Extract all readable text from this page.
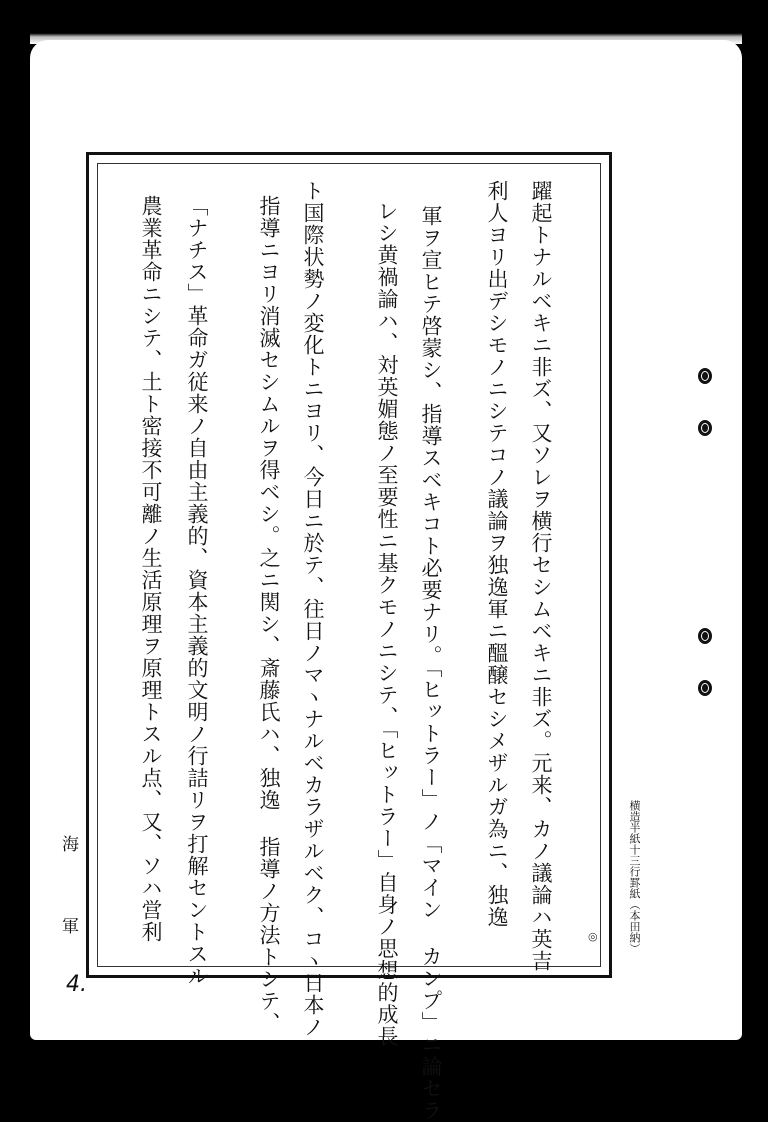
躍起トナルベキニ非ズ、又ソレヲ横行セシムベキニ非ズ。元来、カノ議論ハ英吉
利人ヨリ出デシモノニシテコノ議論ヲ独逸軍ニ醞醸セシメザルガ為ニ、独逸
軍ヲ宣ヒテ啓蒙シ、指導スベキコト必要ナリ。「ヒットラー」ノ「マイン カンプ」ニ論セラ
レシ黄禍論ハ、対英媚態ノ至要性ニ基クモノニシテ、「ヒットラー」自身ノ思想的成長
ト国際状勢ノ変化トニヨリ、今日ニ於テ、往日ノマヽナルベカラザルベク、コヽ日本ノ
指導ニヨリ消滅セシムルヲ得ベシ。之ニ関シ、斎藤氏ハ、独逸 指導ノ方法トシテ、
「ナチス」革命ガ従来ノ自由主義的、資本主義的文明ノ行詰リヲ打解セントスル
農業革命ニシテ、土ト密接不可離ノ生活原理ヲ原理トスル点、又、ソハ営利	横造半紙十三行罫紙（本田納）
海
軍
4.
◎
